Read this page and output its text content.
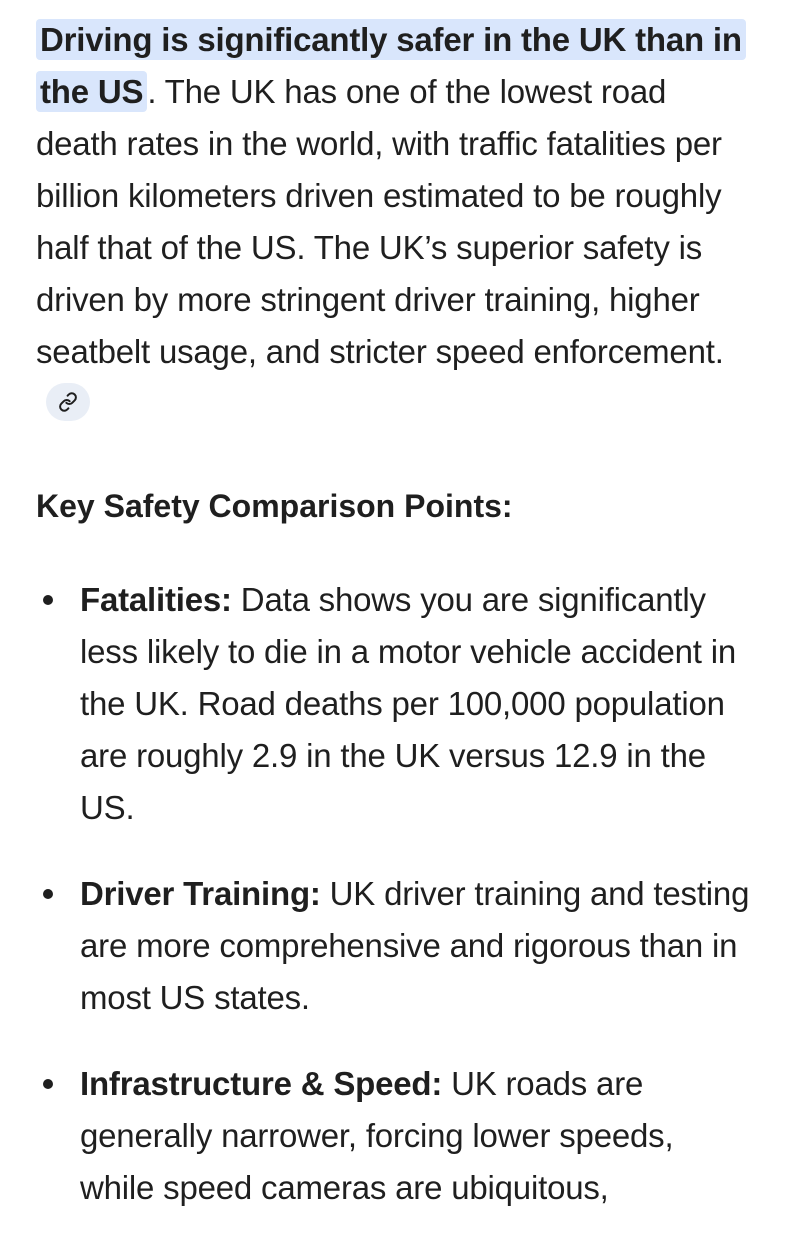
Driving is significantly safer in the UK than in the US . The UK has one of the lowest road death rates in the world, with traffic fatalities per billion kilometers driven estimated to be roughly half that of the US. The UK’s superior safety is driven by more stringent driver training, higher seatbelt usage, and stricter speed enforcement.

Key Safety Comparison Points:
Fatalities: Data shows you are significantly less likely to die in a motor vehicle accident in the UK. Road deaths per 100,000 population are roughly 2.9 in the UK versus 12.9 in the US.
Driver Training: UK driver training and testing are more comprehensive and rigorous than in most US states.
Infrastructure & Speed: UK roads are generally narrower, forcing lower speeds, while speed cameras are ubiquitous,
